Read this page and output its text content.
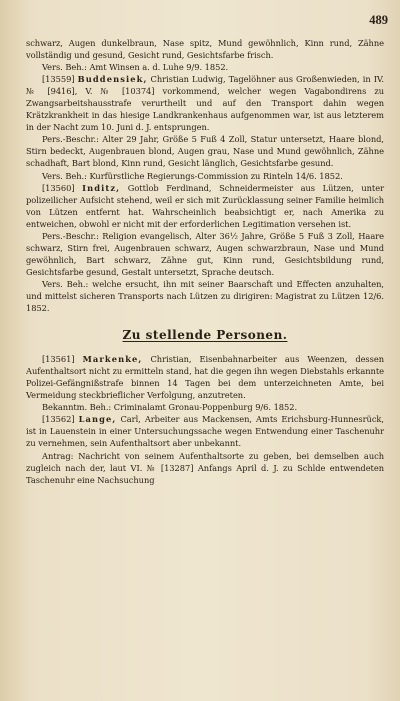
489

schwarz, Augen dunkelbraun, Nase spitz, Mund gewöhnlich, Kinn rund, Zähne vollständig und gesund, Gesicht rund, Gesichtsfarbe frisch.

Vers. Beh.: Amt Winsen a. d. Luhe 9/9. 1852.

[13559] Buddensiek, Christian Ludwig, Tagelöhner aus Großenwieden, in IV. № [9416], V. № [10374] vorkommend, welcher wegen Vagabondirens zu Zwangsarbeitshausstrafe verurtheilt und auf den Transport dahin wegen Krätzkrankheit in das hiesige Landkrankenhaus aufgenommen war, ist aus letzterem in der Nacht zum 10. Juni d. J. entsprungen.

Pers.-Beschr.: Alter 29 Jahr, Größe 5 Fuß 4 Zoll, Statur untersetzt, Haare blond, Stirn bedeckt, Augenbrauen blond, Augen grau, Nase und Mund gewöhnlich, Zähne schadhaft, Bart blond, Kinn rund, Gesicht länglich, Gesichtsfarbe gesund.

Vers. Beh.: Kurfürstliche Regierungs-Commission zu Rinteln 14/6. 1852.

[13560] Inditz, Gottlob Ferdinand, Schneidermeister aus Lützen, unter polizeilicher Aufsicht stehend, weil er sich mit Zurücklassung seiner Familie heimlich von Lützen entfernt hat. Wahrscheinlich beabsichtigt er, nach Amerika zu entweichen, obwohl er nicht mit der erforderlichen Legitimation versehen ist.

Pers.-Beschr.: Religion evangelisch, Alter 36½ Jahre, Größe 5 Fuß 3 Zoll, Haare schwarz, Stirn frei, Augenbrauen schwarz, Augen schwarzbraun, Nase und Mund gewöhnlich, Bart schwarz, Zähne gut, Kinn rund, Gesichtsbildung rund, Gesichtsfarbe gesund, Gestalt untersetzt, Sprache deutsch.

Vers. Beh.: welche ersucht, ihn mit seiner Baarschaft und Effecten anzuhalten, und mittelst sicheren Transports nach Lützen zu dirigiren: Magistrat zu Lützen 12/6. 1852.

Zu stellende Personen.

[13561] Markenke, Christian, Eisenbahnarbeiter aus Weenzen, dessen Aufenthaltsort nicht zu ermitteln stand, hat die gegen ihn wegen Diebstahls erkannte Polizei-Gefängnißstrafe binnen 14 Tagen bei dem unterzeichneten Amte, bei Vermeidung steckbrieflicher Verfolgung, anzutreten.

Bekanntm. Beh.: Criminalamt Gronau-Poppenburg 9/6. 1852.

[13562] Lange, Carl, Arbeiter aus Mackensen, Amts Erichsburg-Hunnesrück, ist in Lauenstein in einer Untersuchungssache wegen Entwendung einer Taschenuhr zu vernehmen, sein Aufenthaltsort aber unbekannt.

Antrag: Nachricht von seinem Aufenthaltsorte zu geben, bei demselben auch zugleich nach der, laut VI. № [13287] Anfangs April d. J. zu Schlde entwendeten Taschenuhr eine Nachsuchung
